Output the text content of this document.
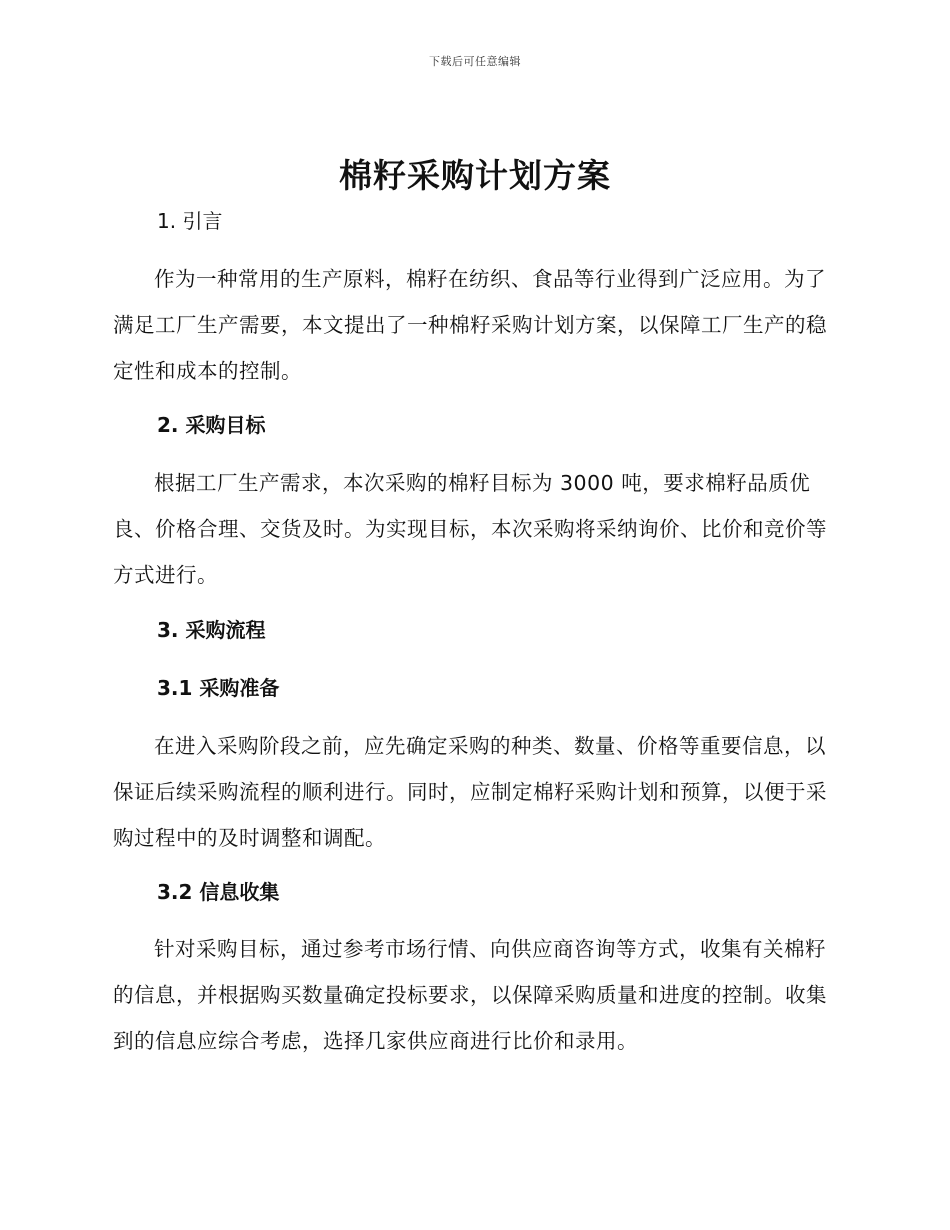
下载后可任意编辑
棉籽采购计划方案
1. 引言

作为一种常用的生产原料，棉籽在纺织、食品等行业得到广泛应用。为了满足工厂生产需要，本文提出了一种棉籽采购计划方案，以保障工厂生产的稳定性和成本的控制。

2. 采购目标

根据工厂生产需求，本次采购的棉籽目标为 3000 吨，要求棉籽品质优良、价格合理、交货及时。为实现目标，本次采购将采纳询价、比价和竞价等方式进行。

3. 采购流程
3.1 采购准备

在进入采购阶段之前，应先确定采购的种类、数量、价格等重要信息，以保证后续采购流程的顺利进行。同时，应制定棉籽采购计划和预算，以便于采购过程中的及时调整和调配。

3.2 信息收集

针对采购目标，通过参考市场行情、向供应商咨询等方式，收集有关棉籽的信息，并根据购买数量确定投标要求，以保障采购质量和进度的控制。收集到的信息应综合考虑，选择几家供应商进行比价和录用。
